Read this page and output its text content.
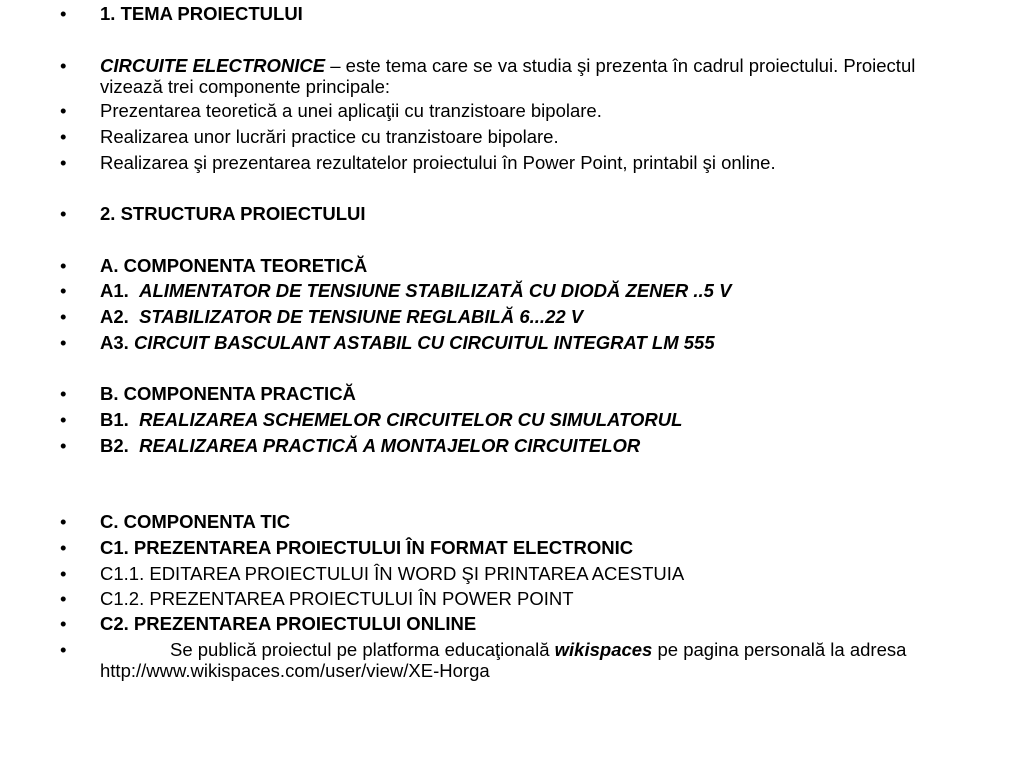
• 1. TEMA PROIECTULUI
• CIRCUITE ELECTRONICE – este tema care se va studia şi prezenta în cadrul proiectului. Proiectul vizează trei componente principale:
• Prezentarea teoretică a unei aplicaţii cu tranzistoare bipolare.
• Realizarea unor lucrări practice cu tranzistoare bipolare.
• Realizarea şi prezentarea rezultatelor proiectului în Power Point, printabil şi online.
• 2. STRUCTURA PROIECTULUI
• A. COMPONENTA TEORETICĂ
• A1. ALIMENTATOR DE TENSIUNE STABILIZATĂ CU DIODĂ ZENER ..5 V
• A2. STABILIZATOR DE TENSIUNE REGLABILĂ 6...22 V
• A3. CIRCUIT BASCULANT ASTABIL CU CIRCUITUL INTEGRAT LM 555
• B. COMPONENTA PRACTICĂ
• B1. REALIZAREA SCHEMELOR CIRCUITELOR CU SIMULATORUL
• B2. REALIZAREA PRACTICĂ A MONTAJELOR CIRCUITELOR
• C. COMPONENTA TIC
• C1. PREZENTAREA PROIECTULUI ÎN FORMAT ELECTRONIC
• C1.1. EDITAREA PROIECTULUI ÎN WORD ŞI PRINTAREA ACESTUIA
• C1.2. PREZENTAREA PROIECTULUI ÎN POWER POINT
• C2. PREZENTAREA PROIECTULUI ONLINE
•	Se publică proiectul pe platforma educaţională wikispaces pe pagina personală la adresa http://www.wikispaces.com/user/view/XE-Horga
